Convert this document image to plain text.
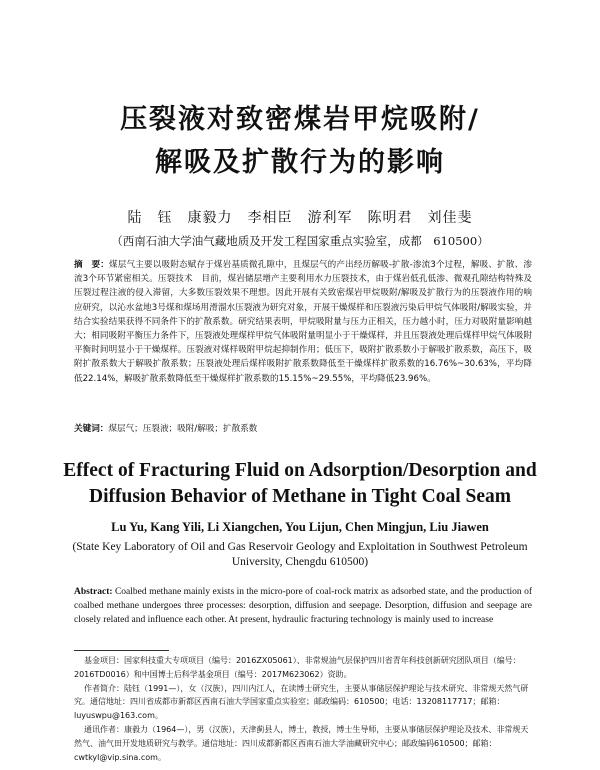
压裂液对致密煤岩甲烷吸附/
解吸及扩散行为的影响
陆　钰　康毅力　李相臣　游利军　陈明君　刘佳斐
（西南石油大学油气藏地质及开发工程国家重点实验室，成都　610500）
摘　要：煤层气主要以吸附态赋存于煤岩基质微孔隙中，且煤层气的产出经历解吸-扩散-渗流3个过程，解吸、扩散、渗流3个环节紧密相关。压裂技术　目前，煤岩储层增产主要利用水力压裂技术，由于煤岩低孔低渗、微观孔隙结构特殊及压裂过程注液的侵入滞留，大多数压裂效果不理想。因此开展有关致密煤岩甲烷吸附/解吸及扩散行为的压裂液作用的响应研究，以沁水盆地3号煤和煤场用滑溜水压裂液为研究对象，开展干燥煤样和压裂液污染后甲烷气体吸附/解吸实验，并结合实验结果获得不同条件下的扩散系数。研究结果表明，甲烷吸附量与压力正相关，压力越小时，压力对吸附量影响越大；相同吸附平衡压力条件下，压裂液处理煤样甲烷气体吸附量明显小于干燥煤样，并且压裂液处理后煤样甲烷气体吸附平衡时间明显小于干燥煤样。压裂液对煤样吸附甲烷起抑制作用；低压下，吸附扩散系数小于解吸扩散系数，高压下，吸附扩散系数大于解吸扩散系数；压裂液处理后煤样吸附扩散系数降低至干燥煤样扩散系数的16.76%~30.63%，平均降低22.14%，解吸扩散系数降低至干燥煤样扩散系数的15.15%~29.55%，平均降低23.96%。
关键词：煤层气；压裂液；吸附/解吸；扩散系数
Effect of Fracturing Fluid on Adsorption/Desorption and
Diffusion Behavior of Methane in Tight Coal Seam
Lu Yu, Kang Yili, Li Xiangchen, You Lijun, Chen Mingjun, Liu Jiawen
(State Key Laboratory of Oil and Gas Reservoir Geology and Exploitation in Southwest Petroleum University, Chengdu 610500)
Abstract: Coalbed methane mainly exists in the micro-pore of coal-rock matrix as adsorbed state, and the production of coalbed methane undergoes three processes: desorption, diffusion and seepage. Desorption, diffusion and seepage are closely related and influence each other. At present, hydraulic fracturing technology is mainly used to increase

基金项目：国家科技重大专项项目（编号：2016ZX05061）、非常规油气层保护四川省青年科技创新研究团队项目（编号：2016TD0016）和中国博士后科学基金项目（编号：2017M623062）资助。

作者简介：陆钰（1991—），女（汉族），四川内江人，在读博士研究生，主要从事储层保护理论与技术研究、非常规天然气研究。通信地址：四川省成都市新都区西南石油大学国家重点实验室；邮政编码：610500；电话：13208117717；邮箱：luyuswpu@163.com。

通讯作者：康毅力（1964—），男（汉族），天津蓟县人，博士，教授，博士生导师，主要从事储层保护理论及技术、非常规天然气、油气田开发地质研究与教学。通信地址：四川成都新都区西南石油大学油藏研究中心；邮政编码610500；邮箱：cwtkyl@vip.sina.com。
